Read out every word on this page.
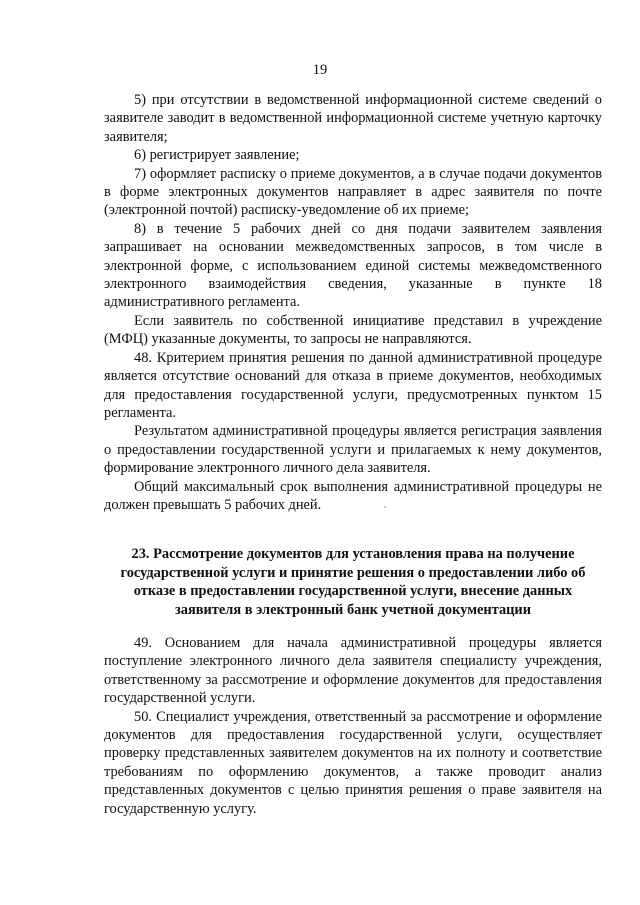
19

5) при отсутствии в ведомственной информационной системе сведений о заявителе заводит в ведомственной информационной системе учетную карточку заявителя;

6) регистрирует заявление;

7) оформляет расписку о приеме документов, а в случае подачи документов в форме электронных документов направляет в адрес заявителя по почте (электронной почтой) расписку-уведомление об их приеме;

8) в течение 5 рабочих дней со дня подачи заявителем заявления запрашивает на основании межведомственных запросов, в том числе в электронной форме, с использованием единой системы межведомственного электронного взаимодействия сведения, указанные в пункте 18 административного регламента.

Если заявитель по собственной инициативе представил в учреждение (МФЦ) указанные документы, то запросы не направляются.

48. Критерием принятия решения по данной административной процедуре является отсутствие оснований для отказа в приеме документов, необходимых для предоставления государственной услуги, предусмотренных пунктом 15 регламента.

Результатом административной процедуры является регистрация заявления о предоставлении государственной услуги и прилагаемых к нему документов, формирование электронного личного дела заявителя.

Общий максимальный срок выполнения административной процедуры не должен превышать 5 рабочих дней.

23. Рассмотрение документов для установления права на получение государственной услуги и принятие решения о предоставлении либо об отказе в предоставлении государственной услуги, внесение данных заявителя в электронный банк учетной документации

49. Основанием для начала административной процедуры является поступление электронного личного дела заявителя специалисту учреждения, ответственному за рассмотрение и оформление документов для предоставления государственной услуги.

50. Специалист учреждения, ответственный за рассмотрение и оформление документов для предоставления государственной услуги, осуществляет проверку представленных заявителем документов на их полноту и соответствие требованиям по оформлению документов, а также проводит анализ представленных документов с целью принятия решения о праве заявителя на государственную услугу.
